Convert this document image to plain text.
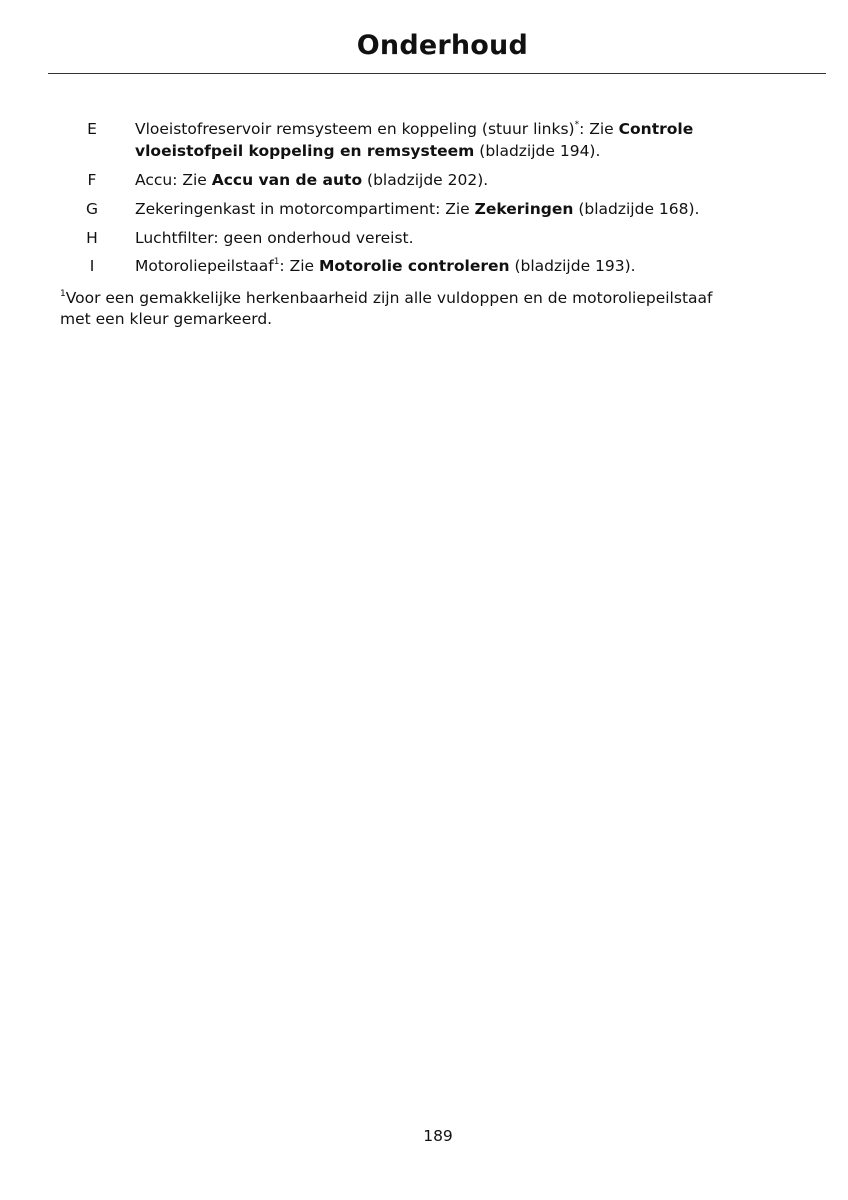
Onderhoud
E	Vloeistofreservoir remsysteem en koppeling (stuur links)*: Zie Controle
vloeistofpeil koppeling en remsysteem (bladzijde 194).
F	Accu: Zie Accu van de auto (bladzijde 202).
G	Zekeringenkast in motorcompartiment: Zie Zekeringen (bladzijde 168).
H	Luchtfilter: geen onderhoud vereist.
I	Motoroliepeilstaaf$^1$: Zie Motorolie controleren (bladzijde 193).
$^1$Voor een gemakkelijke herkenbaarheid zijn alle vuldoppen en de motoroliepeilstaaf
met een kleur gemarkeerd.
189
